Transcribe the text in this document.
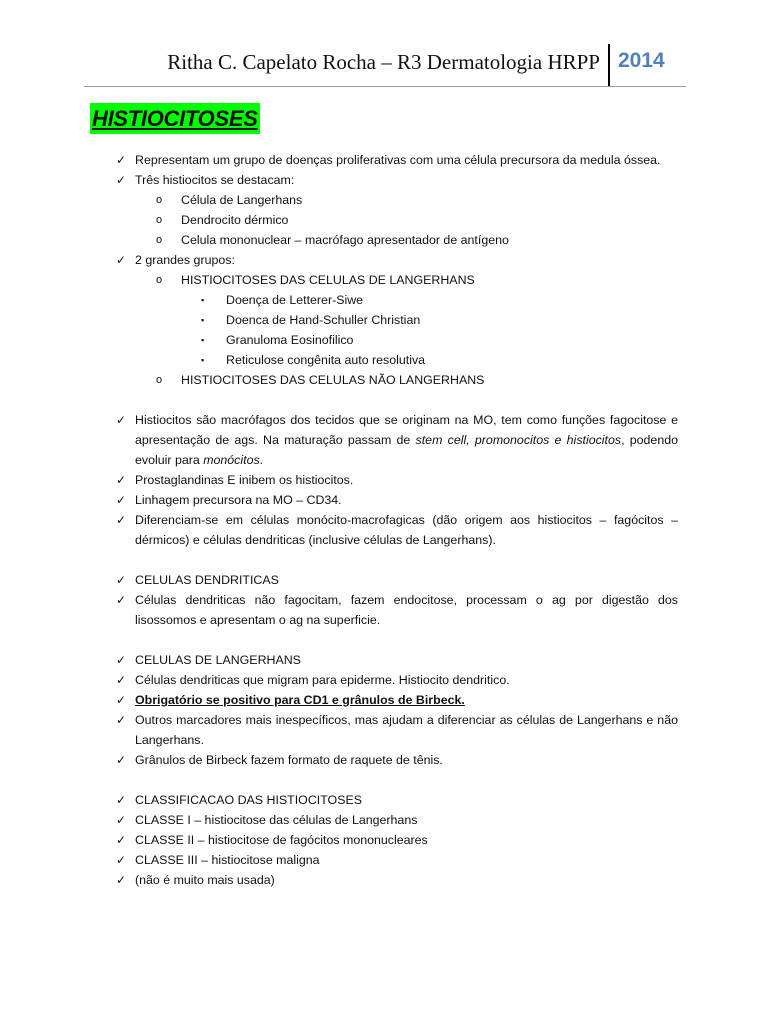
Ritha C. Capelato Rocha – R3 Dermatologia HRPP 2014
HISTIOCITOSES
✓ Representam um grupo de doenças proliferativas com uma célula precursora da medula óssea.
✓ Três histiocitos se destacam:
o Célula de Langerhans
o Dendrocito dérmico
o Celula mononuclear – macrófago apresentador de antígeno
✓ 2 grandes grupos:
o HISTIOCITOSES DAS CELULAS DE LANGERHANS
▪ Doença de Letterer-Siwe
▪ Doenca de Hand-Schuller Christian
▪ Granuloma Eosinofilico
▪ Reticulose congênita auto resolutiva
o HISTIOCITOSES DAS CELULAS NÃO LANGERHANS
✓ Histiocitos são macrófagos dos tecidos que se originam na MO, tem como funções fagocitose e apresentação de ags. Na maturação passam de stem cell, promonocitos e histiocitos, podendo evoluir para monócitos.
✓ Prostaglandinas E inibem os histiocitos.
✓ Linhagem precursora na MO – CD34.
✓ Diferenciam-se em células monócito-macrofagicas (dão origem aos histiocitos – fagócitos – dérmicos) e células dendriticas (inclusive células de Langerhans).
✓ CELULAS DENDRITICAS
✓ Células dendriticas não fagocitam, fazem endocitose, processam o ag por digestão dos lisossomos e apresentam o ag na superficie.
✓ CELULAS DE LANGERHANS
✓ Células dendriticas que migram para epiderme. Histiocito dendritico.
✓ Obrigatório se positivo para CD1 e grânulos de Birbeck.
✓ Outros marcadores mais inespecíficos, mas ajudam a diferenciar as células de Langerhans e não Langerhans.
✓ Grânulos de Birbeck fazem formato de raquete de tênis.
✓ CLASSIFICACAO DAS HISTIOCITOSES
✓ CLASSE I – histiocitose das células de Langerhans
✓ CLASSE II – histiocitose de fagócitos mononucleares
✓ CLASSE III – histiocitose maligna
✓ (não é muito mais usada)
